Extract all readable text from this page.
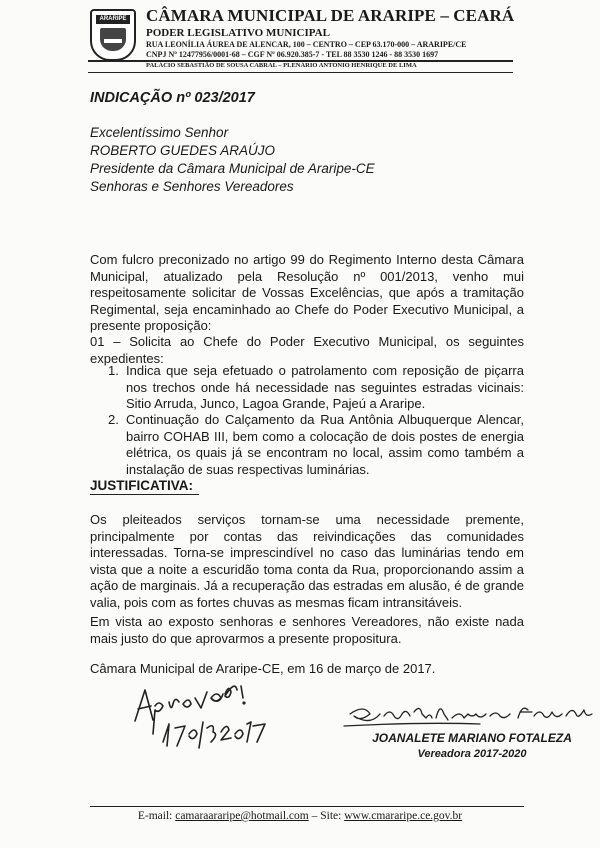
ARARIPE CÂMARA MUNICIPAL DE ARARIPE – CEARÁ
PODER LEGISLATIVO MUNICIPAL
RUA LEONÍLIA ÁUREA DE ALENCAR, 100 – CENTRO – CEP 63.170-000 – ARARIPE/CE
CNPJ Nº 12477956/0001-68 – CGF Nº 06.920.385-7 - TEL 88 3530 1246 - 88 3530 1697
PALÁCIO SEBASTIÃO DE SOUSA CABRAL – PLENÁRIO ANTONIO HENRIQUE DE LIMA
INDICAÇÃO nº 023/2017
Excelentíssimo Senhor
ROBERTO GUEDES ARAÚJO
Presidente da Câmara Municipal de Araripe-CE
Senhoras e Senhores Vereadores
Com fulcro preconizado no artigo 99 do Regimento Interno desta Câmara Municipal, atualizado pela Resolução nº 001/2013, venho mui respeitosamente solicitar de Vossas Excelências, que após a tramitação Regimental, seja encaminhado ao Chefe do Poder Executivo Municipal, a presente proposição:
01 – Solicita ao Chefe do Poder Executivo Municipal, os seguintes expedientes:
1. Indica que seja efetuado o patrolamento com reposição de piçarra nos trechos onde há necessidade nas seguintes estradas vicinais: Sitio Arruda, Junco, Lagoa Grande, Pajeú a Araripe.
2. Continuação do Calçamento da Rua Antônia Albuquerque Alencar, bairro COHAB III, bem como a colocação de dois postes de energia elétrica, os quais já se encontram no local, assim como também a instalação de suas respectivas luminárias.
JUSTIFICATIVA:
Os pleiteados serviços tornam-se uma necessidade premente, principalmente por contas das reivindicações das comunidades interessadas. Torna-se imprescindível no caso das luminárias tendo em vista que a noite a escuridão toma conta da Rua, proporcionando assim a ação de marginais. Já a recuperação das estradas em alusão, é de grande valia, pois com as fortes chuvas as mesmas ficam intransitáveis.
Em vista ao exposto senhoras e senhores Vereadores, não existe nada mais justo do que aprovarmos a presente propositura.
Câmara Municipal de Araripe-CE, em 16 de março de 2017.
JOANALETE MARIANO FOTALEZA
Vereadora 2017-2020
E-mail: camaraararipe@hotmail.com – Site: www.cmararipe.ce.gov.br
